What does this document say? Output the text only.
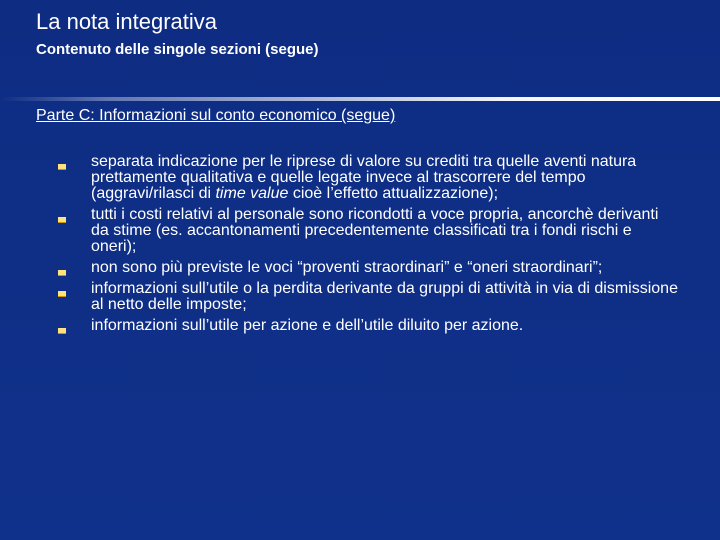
La nota integrativa
Contenuto delle singole sezioni (segue)
Parte C: Informazioni sul conto economico (segue)
separata indicazione per le riprese di valore su crediti tra quelle aventi natura prettamente qualitativa e quelle legate invece al trascorrere del tempo (aggravi/rilasci di time value cioè l’effetto attualizzazione);
tutti i costi relativi al personale sono ricondotti a voce propria, ancorchè derivanti da stime (es. accantonamenti precedentemente classificati tra i fondi rischi e oneri);
non sono più previste le voci “proventi straordinari” e “oneri straordinari”;
informazioni sull’utile o la perdita derivante da gruppi di attività in via di dismissione al netto delle imposte;
informazioni sull’utile per azione e dell’utile diluito per azione.
